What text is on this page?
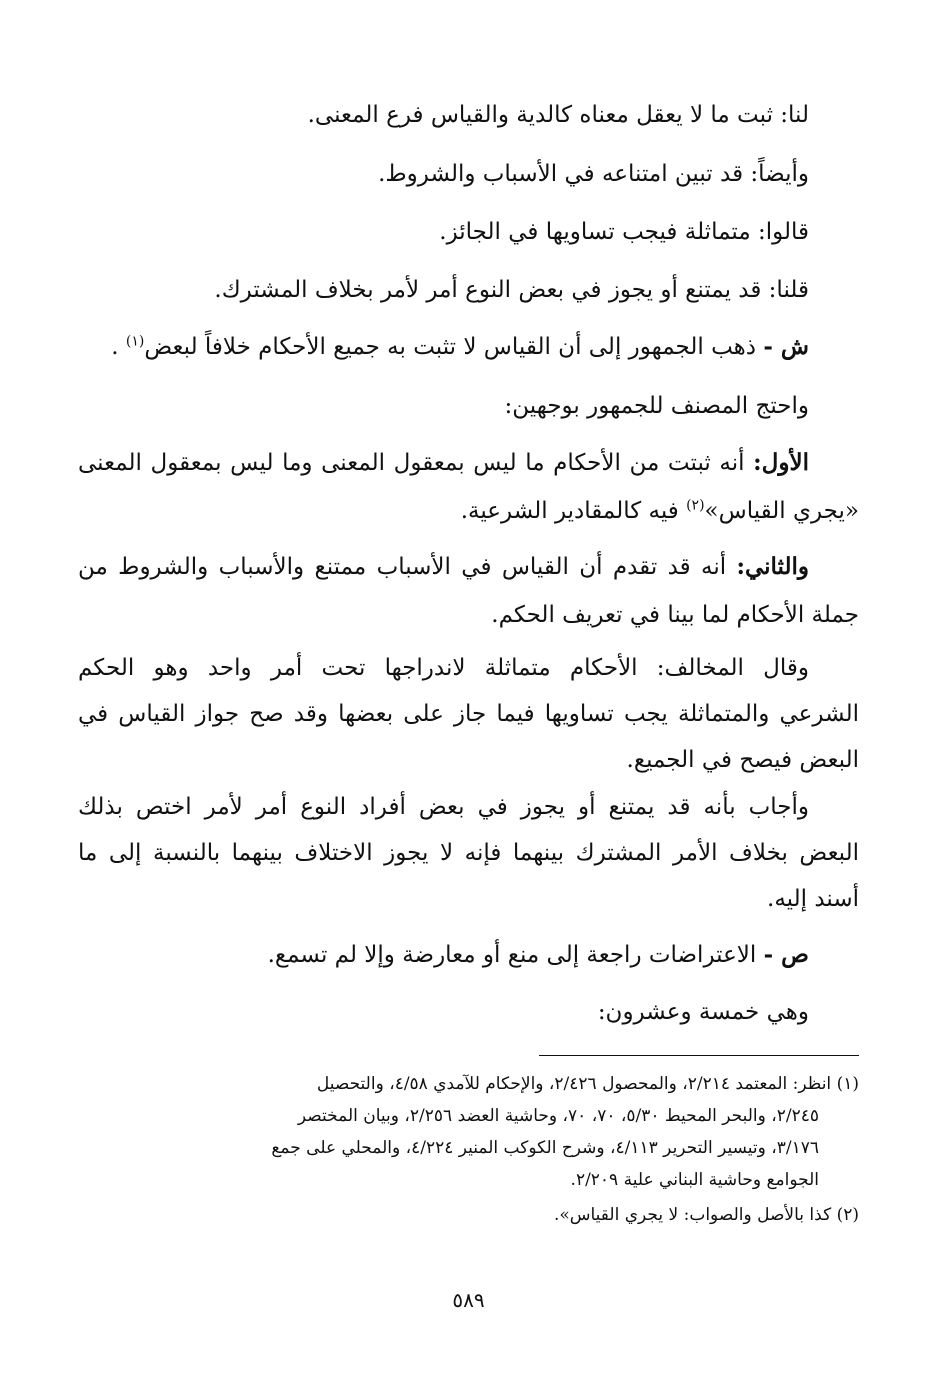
لنا: ثبت ما لا يعقل معناه كالدية والقياس فرع المعنى.
وأيضاً: قد تبين امتناعه في الأسباب والشروط.
قالوا: متماثلة فيجب تساويها في الجائز.
قلنا: قد يمتنع أو يجوز في بعض النوع أمر لأمر بخلاف المشترك.
ش - ذهب الجمهور إلى أن القياس لا تثبت به جميع الأحكام خلافاً لبعض$^{(١)}$ .
واحتج المصنف للجمهور بوجهين:
الأول: أنه ثبتت من الأحكام ما ليس بمعقول المعنى وما ليس بمعقول المعنى
«يجري القياس»$^{(٢)}$ فيه كالمقادير الشرعية.
والثاني: أنه قد تقدم أن القياس في الأسباب ممتنع والأسباب والشروط من
جملة الأحكام لما بينا في تعريف الحكم.
وقال المخالف: الأحكام متماثلة لاندراجها تحت أمر واحد وهو الحكم
الشرعي والمتماثلة يجب تساويها فيما جاز على بعضها وقد صح جواز القياس في
البعض فيصح في الجميع.
وأجاب بأنه قد يمتنع أو يجوز في بعض أفراد النوع أمر لأمر اختص بذلك
البعض بخلاف الأمر المشترك بينهما فإنه لا يجوز الاختلاف بينهما بالنسبة إلى ما
أسند إليه.
ص - الاعتراضات راجعة إلى منع أو معارضة وإلا لم تسمع.
وهي خمسة وعشرون:
(١) انظر: المعتمد ٢/٢١٤، والمحصول ٢/٤٢٦، والإحكام للآمدي ٤/٥٨، والتحصيل
٢/٢٤٥، والبحر المحيط ٥/٣٠، ٧٠، ٧٠، وحاشية العضد ٢/٢٥٦، وبيان المختصر
٣/١٧٦، وتيسير التحرير ٤/١١٣، وشرح الكوكب المنير ٤/٢٢٤، والمحلي على جمع
الجوامع وحاشية البناني علية ٢/٢٠٩.
(٢) كذا بالأصل والصواب: لا يجري القياس».
٥٨٩
